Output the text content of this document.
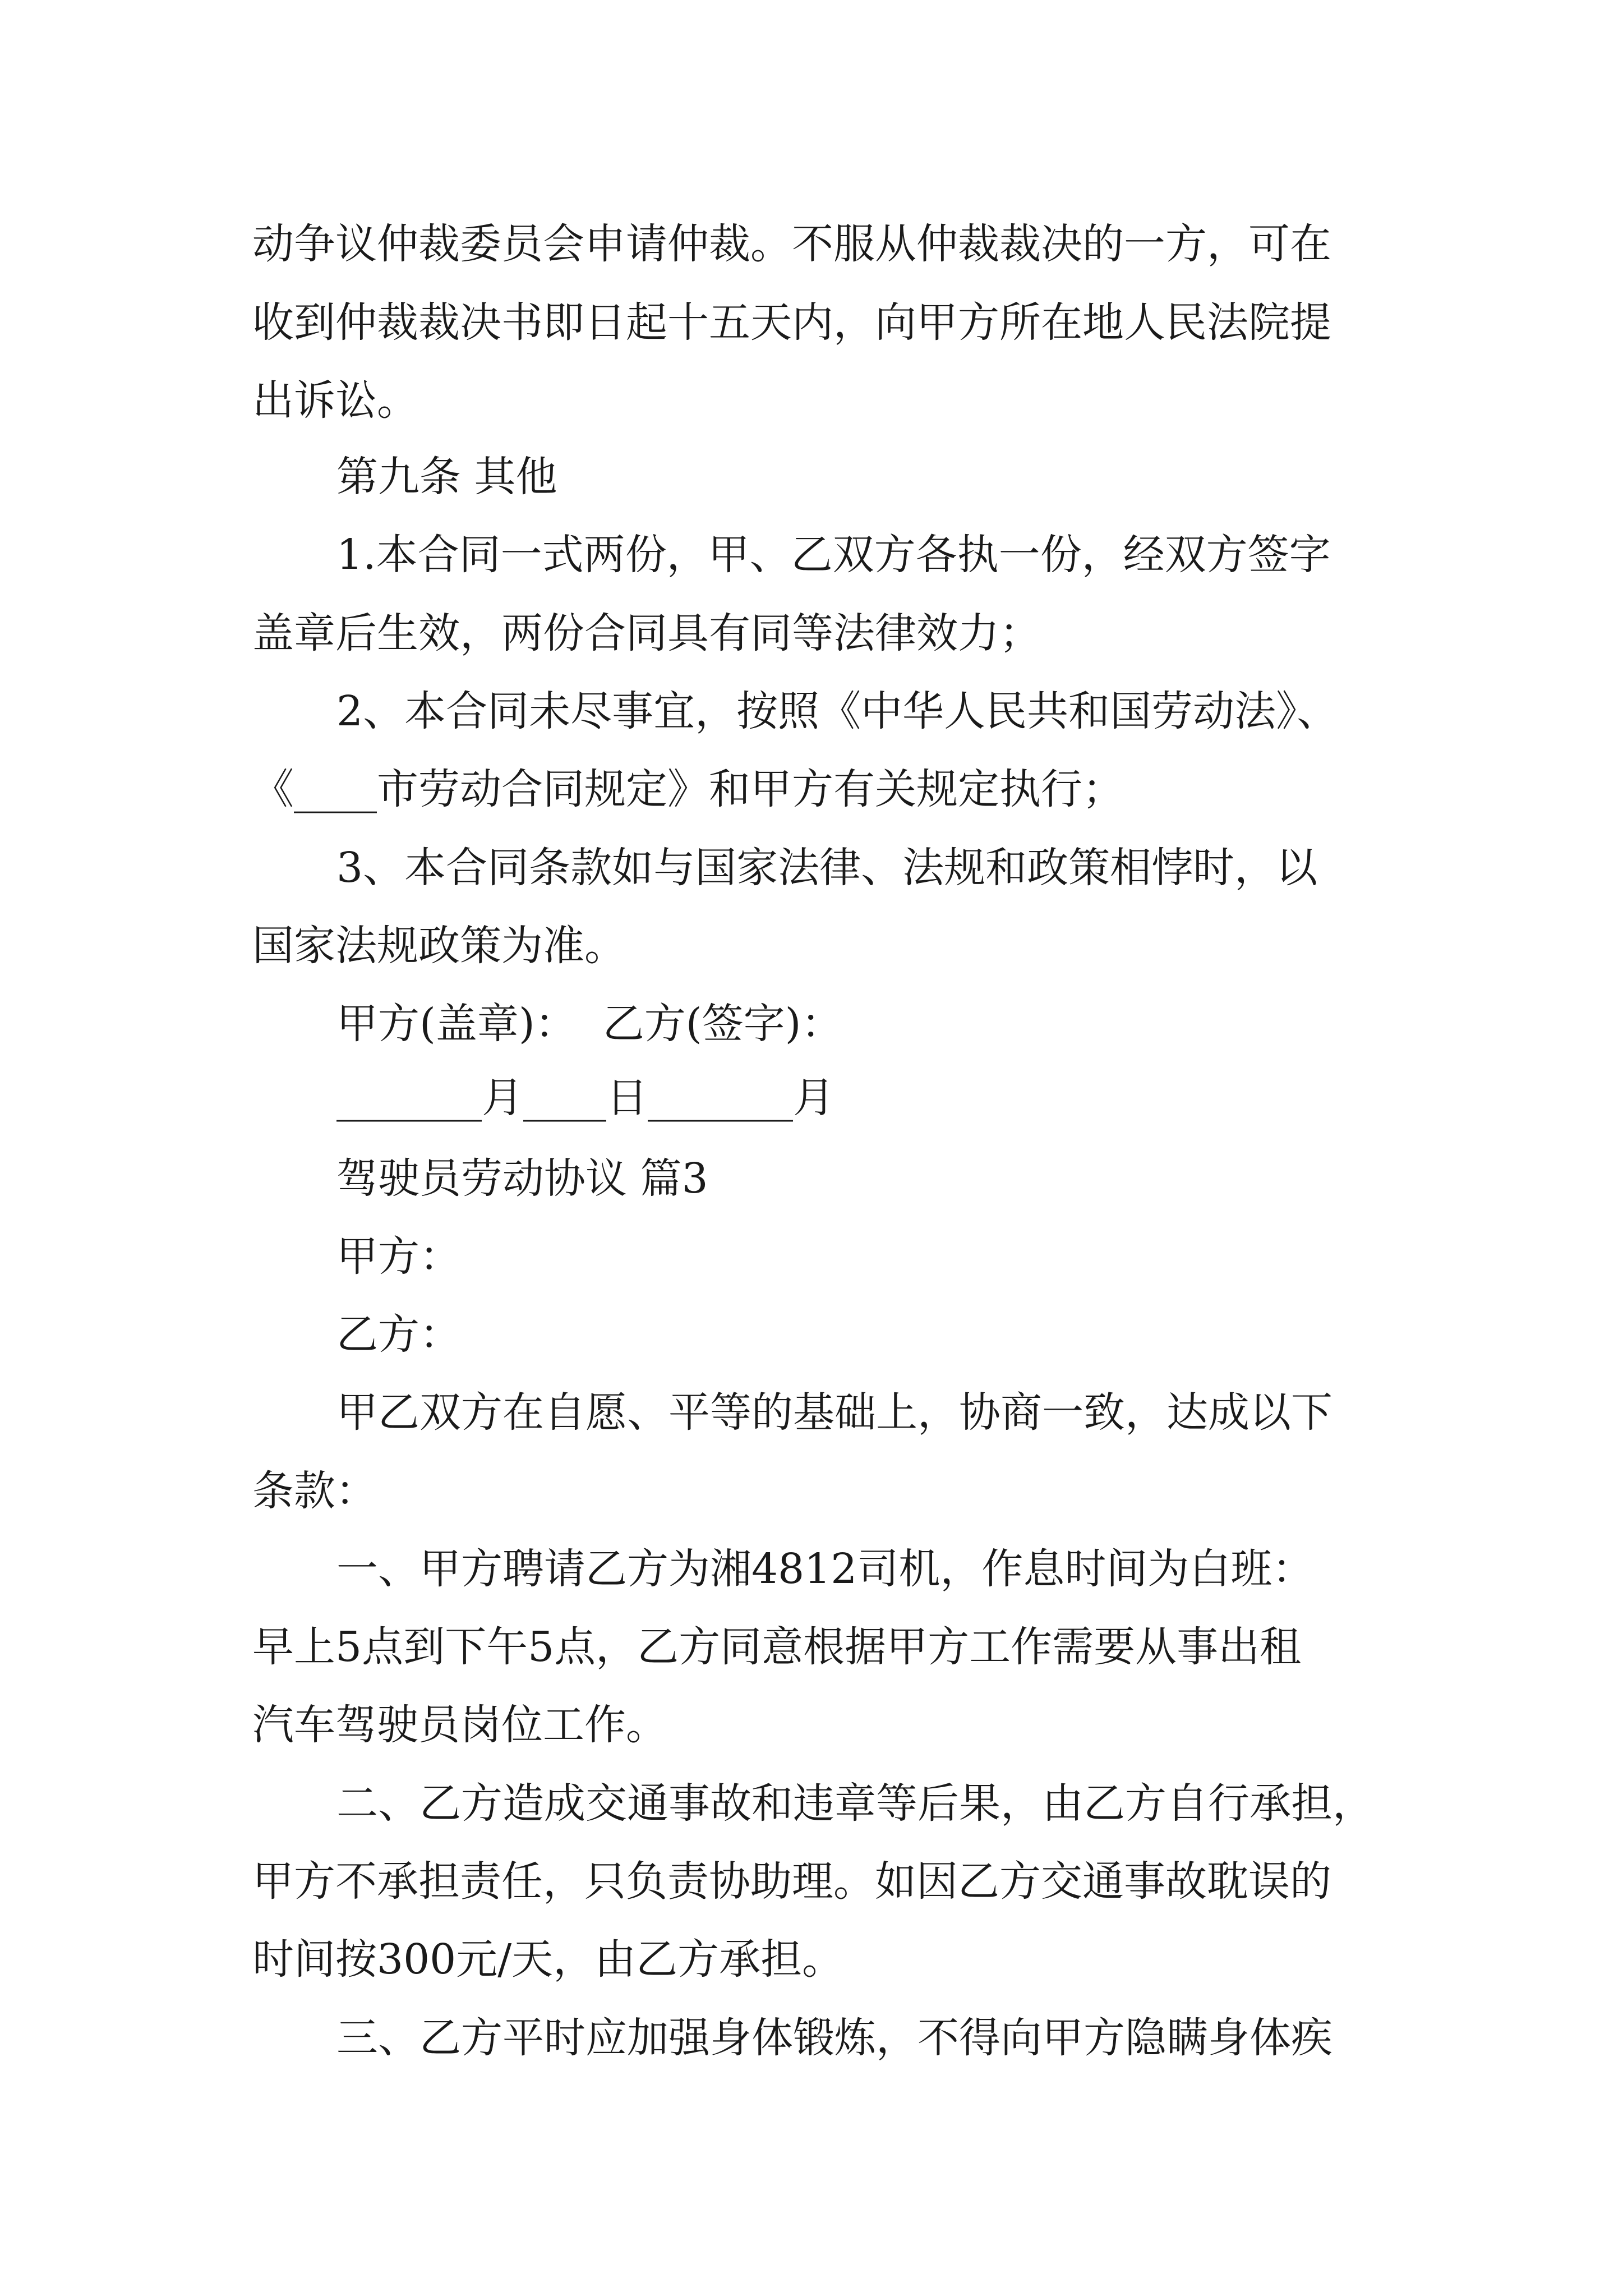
动争议仲裁委员会申请仲裁。不服从仲裁裁决的一方，可在

收到仲裁裁决书即日起十五天内，向甲方所在地人民法院提

出诉讼。

第九条 其他

1.本合同一式两份，甲、乙双方各执一份，经双方签字

盖章后生效，两份合同具有同等法律效力；

2、本合同未尽事宜，按照《中华人民共和国劳动法》、

《____市劳动合同规定》和甲方有关规定执行；

3、本合同条款如与国家法律、法规和政策相悖时，以

国家法规政策为准。

甲方(盖章)：  乙方(签字)：

_______月____日_______月

驾驶员劳动协议 篇3

甲方：

乙方：

甲乙双方在自愿、平等的基础上，协商一致，达成以下

条款：

一、甲方聘请乙方为湘4812司机，作息时间为白班：

早上5点到下午5点，乙方同意根据甲方工作需要从事出租

汽车驾驶员岗位工作。

二、乙方造成交通事故和违章等后果，由乙方自行承担，

甲方不承担责任，只负责协助理。如因乙方交通事故耽误的

时间按300元/天，由乙方承担。

三、乙方平时应加强身体锻炼，不得向甲方隐瞒身体疾
